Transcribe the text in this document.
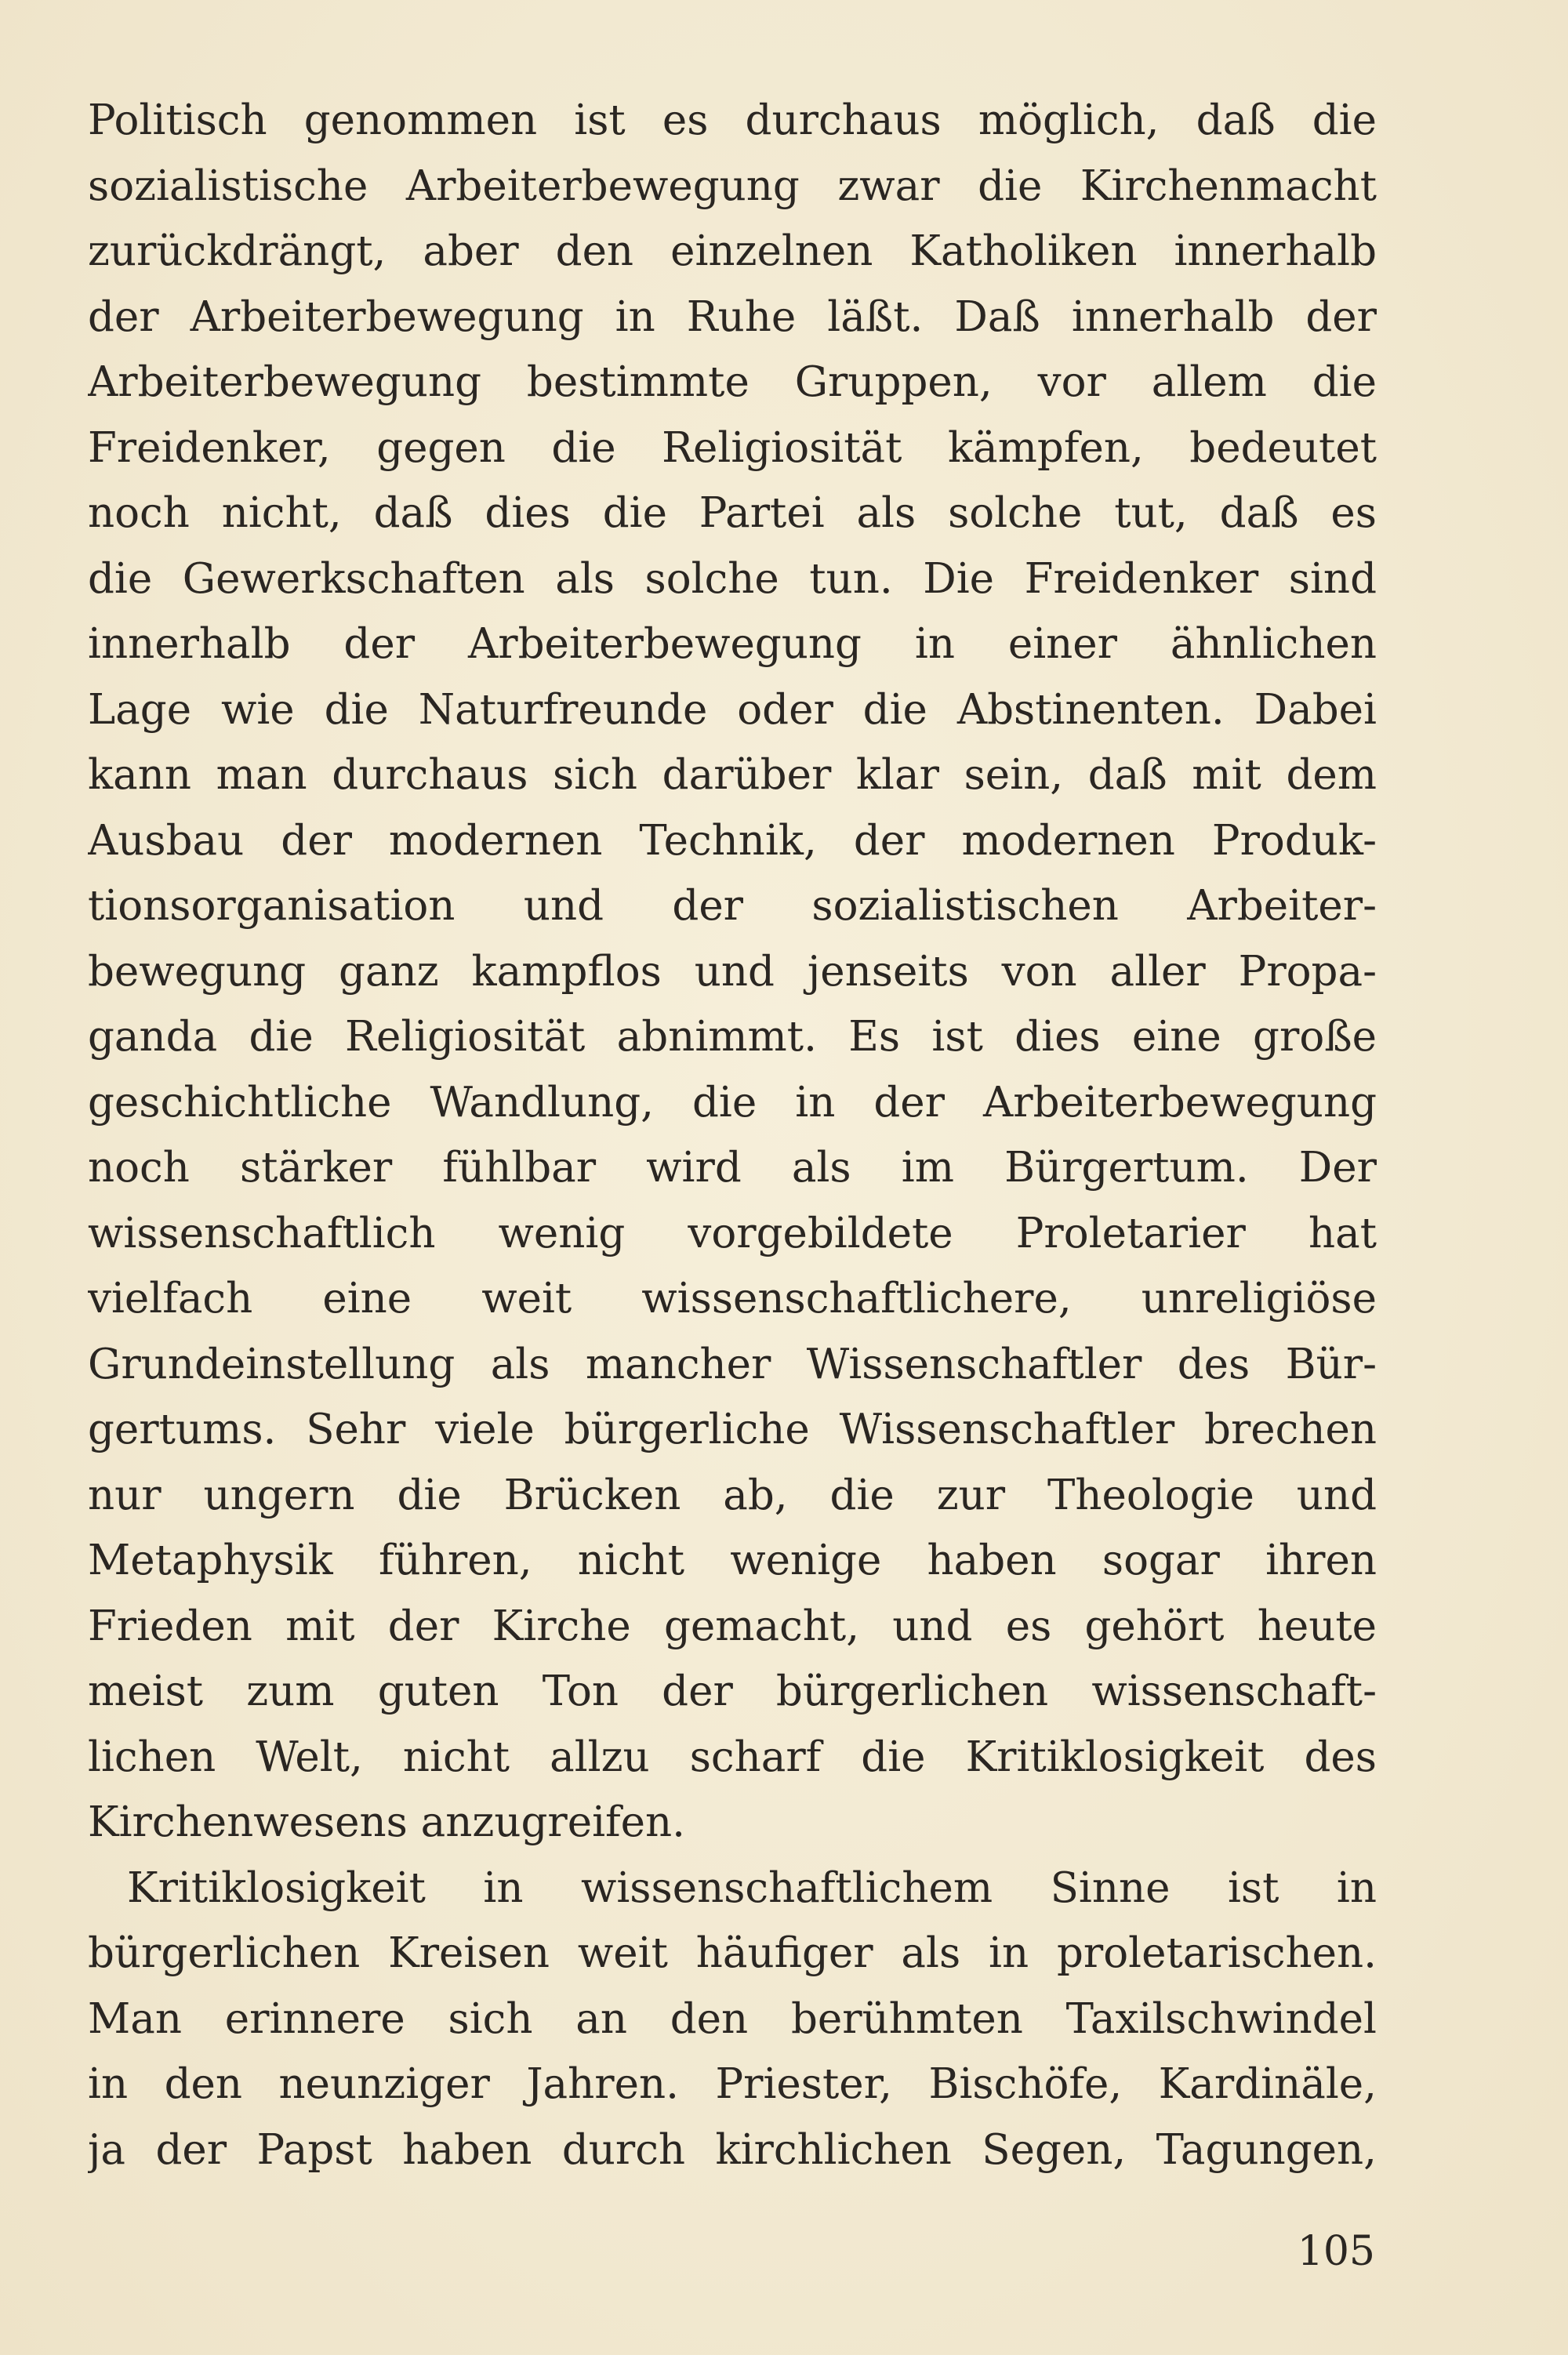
Politisch genommen ist es durchaus möglich, daß die
sozialistische Arbeiterbewegung zwar die Kirchenmacht
zurückdrängt, aber den einzelnen Katholiken innerhalb
der Arbeiterbewegung in Ruhe läßt. Daß innerhalb der
Arbeiterbewegung bestimmte Gruppen, vor allem die
Freidenker, gegen die Religiosität kämpfen, bedeutet
noch nicht, daß dies die Partei als solche tut, daß es
die Gewerkschaften als solche tun. Die Freidenker sind
innerhalb der Arbeiterbewegung in einer ähnlichen
Lage wie die Naturfreunde oder die Abstinenten. Dabei
kann man durchaus sich darüber klar sein, daß mit dem
Ausbau der modernen Technik, der modernen Produk-
tionsorganisation und der sozialistischen Arbeiter-
bewegung ganz kampflos und jenseits von aller Propa-
ganda die Religiosität abnimmt. Es ist dies eine große
geschichtliche Wandlung, die in der Arbeiterbewegung
noch stärker fühlbar wird als im Bürgertum. Der
wissenschaftlich wenig vorgebildete Proletarier hat
vielfach eine weit wissenschaftlichere, unreligiöse
Grundeinstellung als mancher Wissenschaftler des Bür-
gertums. Sehr viele bürgerliche Wissenschaftler brechen
nur ungern die Brücken ab, die zur Theologie und
Metaphysik führen, nicht wenige haben sogar ihren
Frieden mit der Kirche gemacht, und es gehört heute
meist zum guten Ton der bürgerlichen wissenschaft-
lichen Welt, nicht allzu scharf die Kritiklosigkeit des
Kirchenwesens anzugreifen.
Kritiklosigkeit in wissenschaftlichem Sinne ist in
bürgerlichen Kreisen weit häufiger als in proletarischen.
Man erinnere sich an den berühmten Taxilschwindel
in den neunziger Jahren. Priester, Bischöfe, Kardinäle,
ja der Papst haben durch kirchlichen Segen, Tagungen,
105
